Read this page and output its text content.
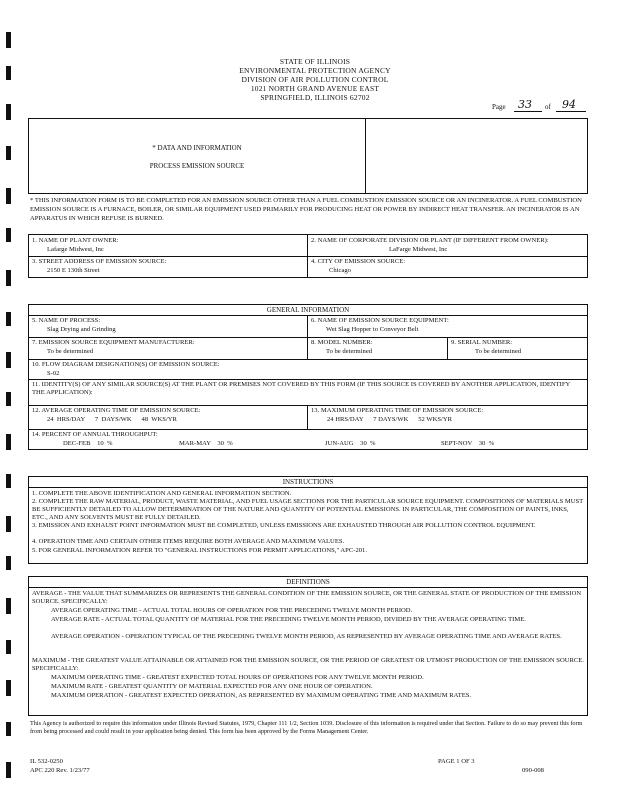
STATE OF ILLINOIS
ENVIRONMENTAL PROTECTION AGENCY
DIVISION OF AIR POLLUTION CONTROL
1021 NORTH GRAND AVENUE EAST
SPRINGFIELD, ILLINOIS 62702
Page 33 of 94
* DATA AND INFORMATION
PROCESS EMISSION SOURCE
* THIS INFORMATION FORM IS TO BE COMPLETED FOR AN EMISSION SOURCE OTHER THAN A FUEL COMBUSTION EMISSION SOURCE OR AN INCINERATOR. A FUEL COMBUSTION EMISSION SOURCE IS A FURNACE, BOILER, OR SIMILAR EQUIPMENT USED PRIMARILY FOR PRODUCING HEAT OR POWER BY INDIRECT HEAT TRANSFER. AN INCINERATOR IS AN APPARATUS IN WHICH REFUSE IS BURNED.
1. NAME OF PLANT OWNER:
Lafarge Midwest, Inc
2. NAME OF CORPORATE DIVISION OR PLANT (IF DIFFERENT FROM OWNER):
LaFarge Midwest, Inc
3. STREET ADDRESS OF EMISSION SOURCE:
2150 E 130th Street
4. CITY OF EMISSION SOURCE:
Chicago
GENERAL INFORMATION
5. NAME OF PROCESS:
Slag Drying and Grinding
6. NAME OF EMISSION SOURCE EQUIPMENT:
Wet Slag Hopper to Conveyor Belt
7. EMISSION SOURCE EQUIPMENT MANUFACTURER:
To be determined
8. MODEL NUMBER:
To be determined
9. SERIAL NUMBER:
To be determined
10. FLOW DIAGRAM DESIGNATION(S) OF EMISSION SOURCE:
S-02
11. IDENTITY(S) OF ANY SIMILAR SOURCE(S) AT THE PLANT OR PREMISES NOT COVERED BY THIS FORM (IF THIS SOURCE IS COVERED BY ANOTHER APPLICATION, IDENTIFY THE APPLICATION):
12. AVERAGE OPERATING TIME OF EMISSION SOURCE:
24  HRS/DAY      7  DAYS/WK      48  WKS/YR
13. MAXIMUM OPERATING TIME OF EMISSION SOURCE:
24 HRS/DAY      7 DAYS/WK      52 WKS/YR
14. PERCENT OF ANNUAL THROUGHPUT:
DEC-FEB    10  %	MAR-MAY    30  %	JUN-AUG    30  %	SEPT-NOV    30  %
INSTRUCTIONS
1. COMPLETE THE ABOVE IDENTIFICATION AND GENERAL INFORMATION SECTION.
2. COMPLETE THE RAW MATERIAL, PRODUCT, WASTE MATERIAL, AND FUEL USAGE SECTIONS FOR THE PARTICULAR SOURCE EQUIPMENT. COMPOSITIONS OF MATERIALS MUST BE SUFFICIENTLY DETAILED TO ALLOW DETERMINATION OF THE NATURE AND QUANTITY OF POTENTIAL EMISSIONS. IN PARTICULAR, THE COMPOSITION OF PAINTS, INKS, ETC., AND ANY SOLVENTS MUST BE FULLY DETAILED.
3. EMISSION AND EXHAUST POINT INFORMATION MUST BE COMPLETED, UNLESS EMISSIONS ARE EXHAUSTED THROUGH AIR POLLUTION CONTROL EQUIPMENT.
4. OPERATION TIME AND CERTAIN OTHER ITEMS REQUIRE BOTH AVERAGE AND MAXIMUM VALUES.
5. FOR GENERAL INFORMATION REFER TO "GENERAL INSTRUCTIONS FOR PERMIT APPLICATIONS," APC-201.
DEFINITIONS
AVERAGE - THE VALUE THAT SUMMARIZES OR REPRESENTS THE GENERAL CONDITION OF THE EMISSION SOURCE, OR THE GENERAL STATE OF PRODUCTION OF THE EMISSION SOURCE. SPECIFICALLY:
AVERAGE OPERATING TIME - ACTUAL TOTAL HOURS OF OPERATION FOR THE PRECEDING TWELVE MONTH PERIOD.
AVERAGE RATE - ACTUAL TOTAL QUANTITY OF MATERIAL FOR THE PRECEDING TWELVE MONTH PERIOD, DIVIDED BY THE AVERAGE OPERATING TIME.
AVERAGE OPERATION - OPERATION TYPICAL OF THE PRECEDING TWELVE MONTH PERIOD, AS REPRESENTED BY AVERAGE OPERATING TIME AND AVERAGE RATES.
MAXIMUM - THE GREATEST VALUE ATTAINABLE OR ATTAINED FOR THE EMISSION SOURCE, OR THE PERIOD OF GREATEST OR UTMOST PRODUCTION OF THE EMISSION SOURCE. SPECIFICALLY:
MAXIMUM OPERATING TIME - GREATEST EXPECTED TOTAL HOURS OF OPERATIONS FOR ANY TWELVE MONTH PERIOD.
MAXIMUM RATE - GREATEST QUANTITY OF MATERIAL EXPECTED FOR ANY ONE HOUR OF OPERATION.
MAXIMUM OPERATION - GREATEST EXPECTED OPERATION, AS REPRESENTED BY MAXIMUM OPERATING TIME AND MAXIMUM RATES.
This Agency is authorized to require this information under Illinois Revised Statutes, 1979, Chapter 111 1/2, Section 1039. Disclosure of this information is required under that Section. Failure to do so may prevent this form from being processed and could result in your application being denied. This form has been approved by the Forms Management Center.
IL 532-0250
APC 220 Rev. 1/23/77
PAGE 1 OF 3
090-008
